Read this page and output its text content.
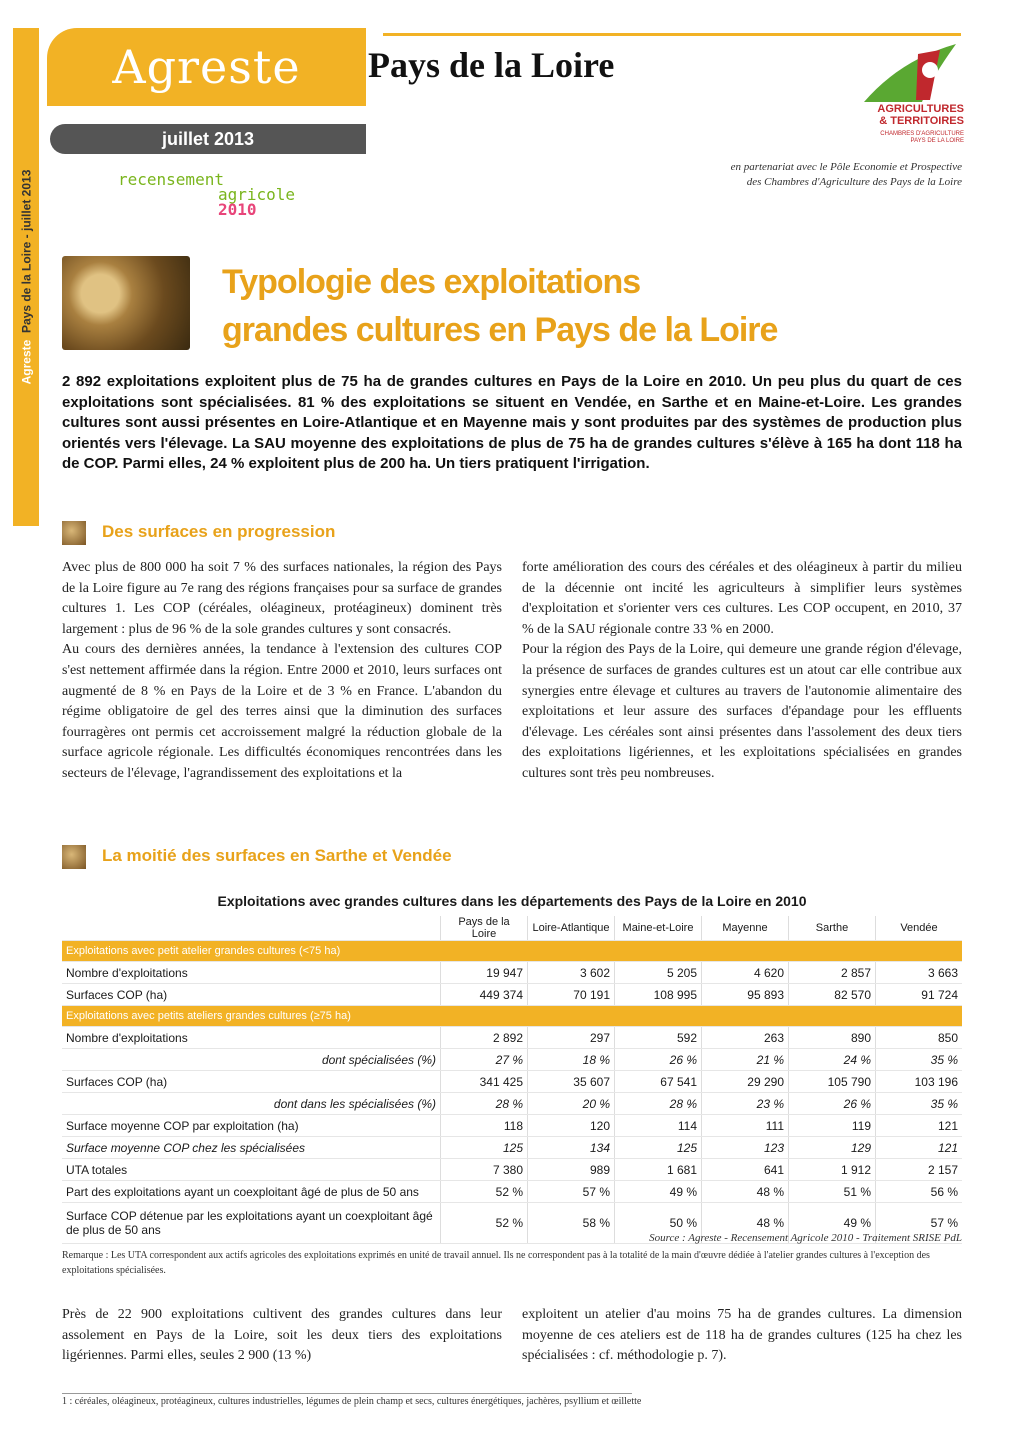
Agreste  Pays de la Loire - juillet 2013
Agreste	Pays de la Loire
juillet 2013
recensement
agricole
2010
AGRICULTURES
& TERRITOIRES
CHAMBRES D'AGRICULTURE
PAYS DE LA LOIRE
en partenariat avec le Pôle Economie et Prospective
des Chambres d'Agriculture des Pays de la Loire
Typologie des exploitations
grandes cultures en Pays de la Loire
2 892 exploitations exploitent plus de 75 ha de grandes cultures en Pays de la Loire en 2010. Un peu plus du quart de ces exploitations sont spécialisées. 81 % des exploitations se situent en Vendée, en Sarthe et en Maine-et-Loire. Les grandes cultures sont aussi présentes en Loire-Atlantique et en Mayenne mais y sont produites par des systèmes de production plus orientés vers l'élevage. La SAU moyenne des exploitations de plus de 75 ha de grandes cultures s'élève à 165 ha dont 118 ha de COP. Parmi elles, 24 % exploitent plus de 200 ha. Un tiers pratiquent l'irrigation.
Des surfaces en progression

Avec plus de 800 000 ha soit 7 % des surfaces nationales, la région des Pays de la Loire figure au 7e rang des régions françaises pour sa surface de grandes cultures 1. Les COP (céréales, oléagineux, protéagineux) dominent très largement : plus de 96 % de la sole grandes cultures y sont consacrés.

Au cours des dernières années, la tendance à l'extension des cultures COP s'est nettement affirmée dans la région. Entre 2000 et 2010, leurs surfaces ont augmenté de 8 % en Pays de la Loire et de 3 % en France. L'abandon du régime obligatoire de gel des terres ainsi que la diminution des surfaces fourragères ont permis cet accroissement malgré la réduction globale de la surface agricole régionale. Les difficultés économiques rencontrées dans les secteurs de l'élevage, l'agrandissement des exploitations et la

forte amélioration des cours des céréales et des oléagineux à partir du milieu de la décennie ont incité les agriculteurs à simplifier leurs systèmes d'exploitation et s'orienter vers ces cultures. Les COP occupent, en 2010, 37 % de la SAU régionale contre 33 % en 2000.

Pour la région des Pays de la Loire, qui demeure une grande région d'élevage, la présence de surfaces de grandes cultures est un atout car elle contribue aux synergies entre élevage et cultures au travers de l'autonomie alimentaire des exploitations et leur assure des surfaces d'épandage pour les effluents d'élevage. Les céréales sont ainsi présentes dans l'assolement des deux tiers des exploitations ligériennes, et les exploitations spécialisées en grandes cultures sont très peu nombreuses.

La moitié des surfaces en Sarthe et Vendée
Exploitations avec grandes cultures dans les départements des Pays de la Loire en 2010
	Pays de la Loire	Loire-Atlantique	Maine-et-Loire	Mayenne	Sarthe	Vendée
Exploitations avec petit atelier grandes cultures (<75 ha)						
Nombre d'exploitations	19 947	3 602	5 205	4 620	2 857	3 663
Surfaces COP (ha)	449 374	70 191	108 995	95 893	82 570	91 724
Exploitations avec petits ateliers grandes cultures (≥75 ha)						
Nombre d'exploitations	2 892	297	592	263	890	850
dont spécialisées (%)	27 %	18 %	26 %	21 %	24 %	35 %
Surfaces COP (ha)	341 425	35 607	67 541	29 290	105 790	103 196
dont dans les spécialisées (%)	28 %	20 %	28 %	23 %	26 %	35 %
Surface moyenne COP par exploitation (ha)	118	120	114	111	119	121
Surface moyenne COP chez les spécialisées	125	134	125	123	129	121
UTA totales	7 380	989	1 681	641	1 912	2 157
Part des exploitations ayant un coexploitant âgé de plus de 50 ans	52 %	57 %	49 %	48 %	51 %	56 %
Surface COP détenue par les exploitations ayant un coexploitant âgé de plus de 50 ans	52 %	58 %	50 %	48 %	49 %	57 %
Source : Agreste - Recensement Agricole 2010 - Traitement SRISE PdL
Remarque : Les UTA correspondent aux actifs agricoles des exploitations exprimés en unité de travail annuel. Ils ne correspondent pas à la totalité de la main d'œuvre dédiée à l'atelier grandes cultures à l'exception des exploitations spécialisées.
Près de 22 900 exploitations cultivent des grandes cultures dans leur assolement en Pays de la Loire, soit les deux tiers des exploitations ligériennes. Parmi elles, seules 2 900 (13 %)
exploitent un atelier d'au moins 75 ha de grandes cultures. La dimension moyenne de ces ateliers est de 118 ha de grandes cultures (125 ha chez les spécialisées : cf. méthodologie p. 7).
1 : céréales, oléagineux, protéagineux, cultures industrielles, légumes de plein champ et secs, cultures énergétiques, jachères, psyllium et œillette
